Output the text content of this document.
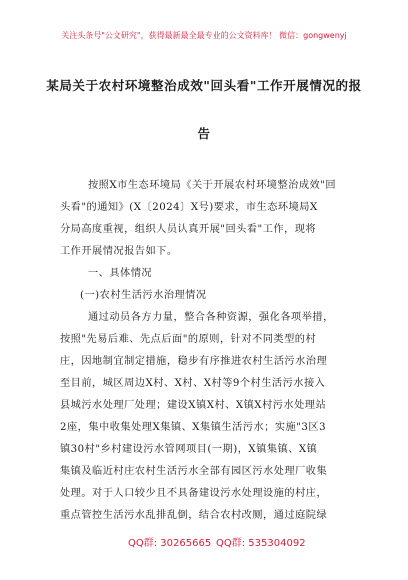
关注头条号"公文研究"，获得最新最全最专业的公文资料库！ 微信：gongwenyj
某局关于农村环境整治成效"回头看"工作开展情况的报
告
按照X市生态环境局《关于开展农村环境整治成效"回
头看"的通知》(X〔2024〕X号)要求，市生态环境局X
分局高度重视，组织人员认真开展"回头看"工作，现将
工作开展情况报告如下。
一、具体情况
(一)农村生活污水治理情况
通过动员各方力量，整合各种资源，强化各项举措，
按照"先易后难、先点后面"的原则，针对不同类型的村
庄，因地制宜制定措施，稳步有序推进农村生活污水治理
至目前，城区周边X村、X村、X村等9个村生活污水接入
县城污水处理厂处理；建设X镇X村、X镇X村污水处理站
2座，集中收集处理X集镇、X集镇生活污水；实施"3区3
镇30村"乡村建设污水管网项目(一期)，X镇集镇、X镇
集镇及临近村庄农村生活污水全部有园区污水处理厂收集
处理。对于人口较少且不具备建设污水处理设施的村庄，
重点管控生活污水乱排乱倒，结合农村改厕，通过庭院绿
QQ群: 30265665 QQ群: 535304092
